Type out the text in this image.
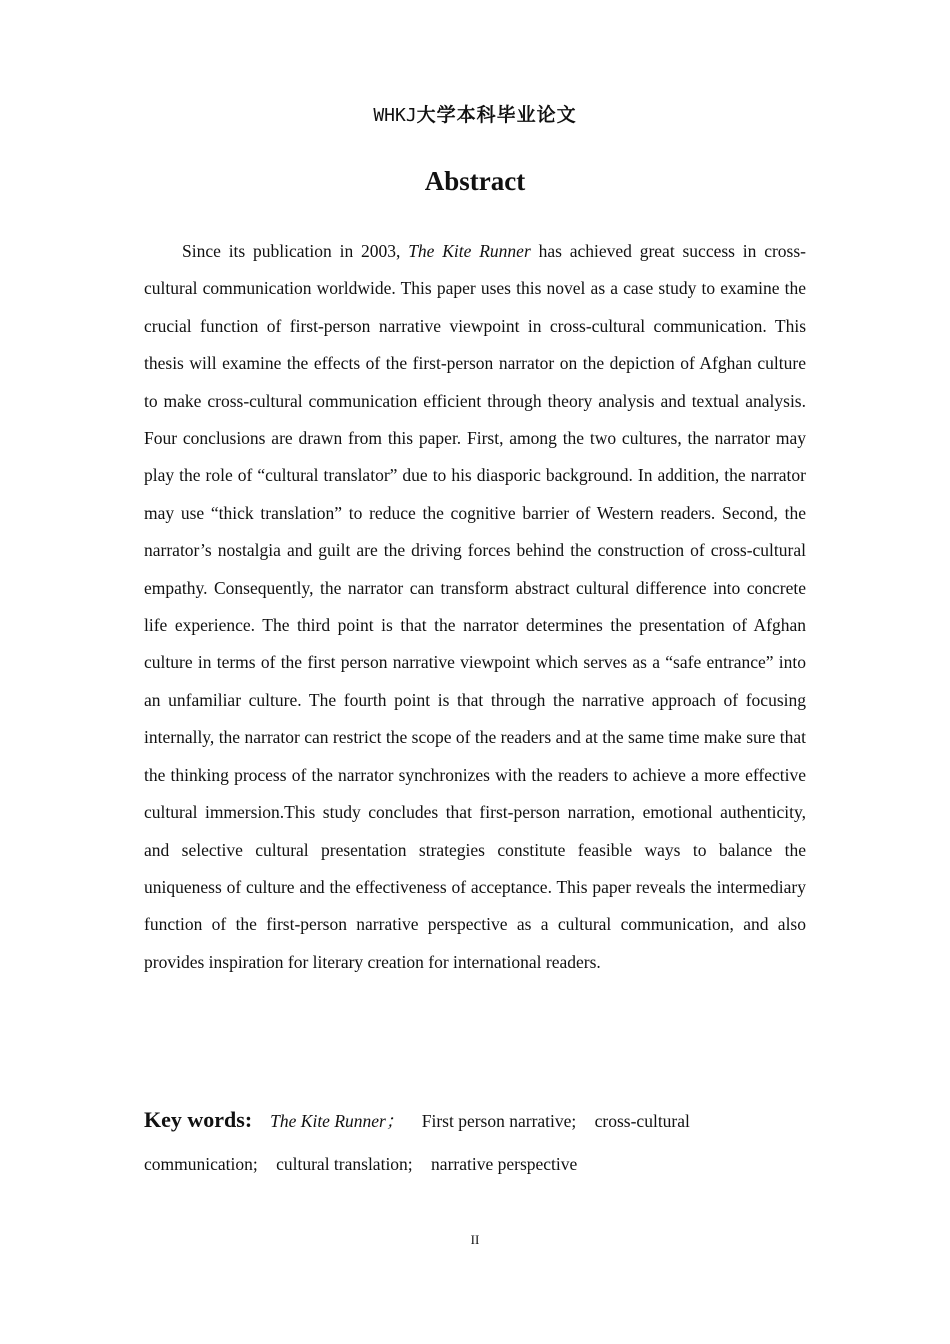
WHKJ大学本科毕业论文
Abstract

Since its publication in 2003, The Kite Runner has achieved great success in cross-cultural communication worldwide. This paper uses this novel as a case study to examine the crucial function of first-person narrative viewpoint in cross-cultural communication. This thesis will examine the effects of the first-person narrator on the depiction of Afghan culture to make cross-cultural communication efficient through theory analysis and textual analysis. Four conclusions are drawn from this paper. First, among the two cultures, the narrator may play the role of “cultural translator” due to his diasporic background. In addition, the narrator may use “thick translation” to reduce the cognitive barrier of Western readers. Second, the narrator’s nostalgia and guilt are the driving forces behind the construction of cross-cultural empathy. Consequently, the narrator can transform abstract cultural difference into concrete life experience. The third point is that the narrator determines the presentation of Afghan culture in terms of the first person narrative viewpoint which serves as a “safe entrance” into an unfamiliar culture. The fourth point is that through the narrative approach of focusing internally, the narrator can restrict the scope of the readers and at the same time make sure that the thinking process of the narrator synchronizes with the readers to achieve a more effective cultural immersion.This study concludes that first-person narration, emotional authenticity, and selective cultural presentation strategies constitute feasible ways to balance the uniqueness of culture and the effectiveness of acceptance. This paper reveals the intermediary function of the first-person narrative perspective as a cultural communication, and also provides inspiration for literary creation for international readers.

Key words: The Kite Runner； First person narrative; cross-cultural communication; cultural translation; narrative perspective

II
